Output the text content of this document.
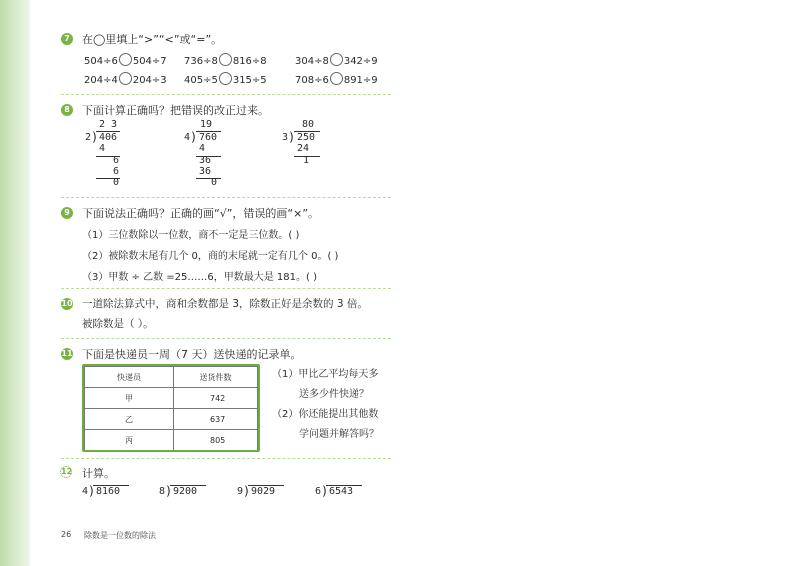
7 在◯里填上“>”“<”或“=”。
504÷6 504÷7 736÷8 816÷8	304÷8 342÷9
204÷4 204÷3 405÷5 315÷5	708÷6 891÷9
8 下面计算正确吗？把错误的改正过来。
2 3
2 ) 406
4
6
6
0
19
4 ) 760
4
36
36
0
80
3 ) 250
24
1
9 下面说法正确吗？正确的画“√”，错误的画“×”。
（1）三位数除以一位数，商不一定是三位数。( )
（2）被除数末尾有几个 0，商的末尾就一定有几个 0。( )
（3）甲数 ÷ 乙数 =25……6，甲数最大是 181。( )
10 一道除法算式中，商和余数都是 3，除数正好是余数的 3 倍。
被除数是（ ）。
11 下面是快递员一周（7 天）送快递的记录单。
快递员	送货件数
甲	742
乙	637
丙	805
（1）甲比乙平均每天多
送多少件快递？
（2）你还能提出其他数
学问题并解答吗？
12 计算。
4 ) 8160	8 ) 9200	9 ) 9029	6 ) 6543
26 除数是一位数的除法
